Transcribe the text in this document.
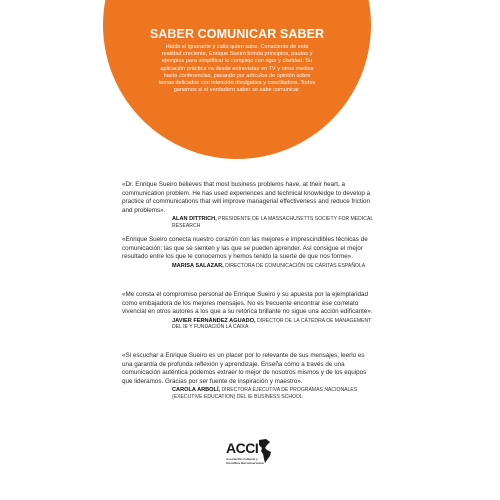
SABER COMUNICAR SABER
Habla el ignorante y calla quien sabe. Consciente de esta realidad creciente, Enrique Sueiro brinda principios, pautas y ejemplos para simplificar lo complejo con rigor y claridad. Su aplicación práctica va desde entrevistas en TV y otros medios hasta conferencias, pasando por artículos de opinión sobre temas delicados con intención divulgativa y conciliadora. Todos ganamos si el verdadero saber se sabe comunicar.

«Dr. Enrique Sueiro believes that most business problems have, at their heart, a communication problem. He has used experiences and technical knowledge to develop a practice of communications that will improve managerial effectiveness and reduce friction and problems».

ALAN DITTRICH, PRESIDENTE DE LA MASSACHUSETTS SOCIETY FOR MEDICAL RESEARCH

«Enrique Sueiro conecta nuestro corazón con las mejores e imprescindibles técnicas de comunicación: las que se sienten y las que se pueden aprender. Así consigue el mejor resultado entre los que le conocemos y hemos tenido la suerte de que nos forme».

MARISA SALAZAR, DIRECTORA DE COMUNICACIÓN DE CÁRITAS ESPAÑOLA

«Me consta el compromiso personal de Enrique Sueiro y su apuesta por la ejemplaridad como embajadora de los mejores mensajes. No es frecuente encontrar ese correlato vivencial en otros autores a los que a su retórica brillante no sigue una acción edificante».

JAVIER FERNÁNDEZ AGUADO, DIRECTOR DE LA CÁTEDRA DE MANAGEMENT DEL IE Y FUNDACIÓN LA CAIXA

«Si escuchar a Enrique Sueiro es un placer por lo relevante de sus mensajes, leerlo es una garantía de profunda reflexión y aprendizaje. Enseña cómo a través de una comunicación auténtica podemos extraer lo mejor de nosotros mismos y de los equipos que lideramos. Gracias por ser fuente de inspiración y maestro».

CAROLA ARBOLÍ, DIRECTORA EJECUTIVA DE PROGRAMAS NACIONALES (EXECUTIVE EDUCATION) DEL IE BUSINESS SCHOOL
ACCI
Asociación Cultural y Científica Iberoamericana
